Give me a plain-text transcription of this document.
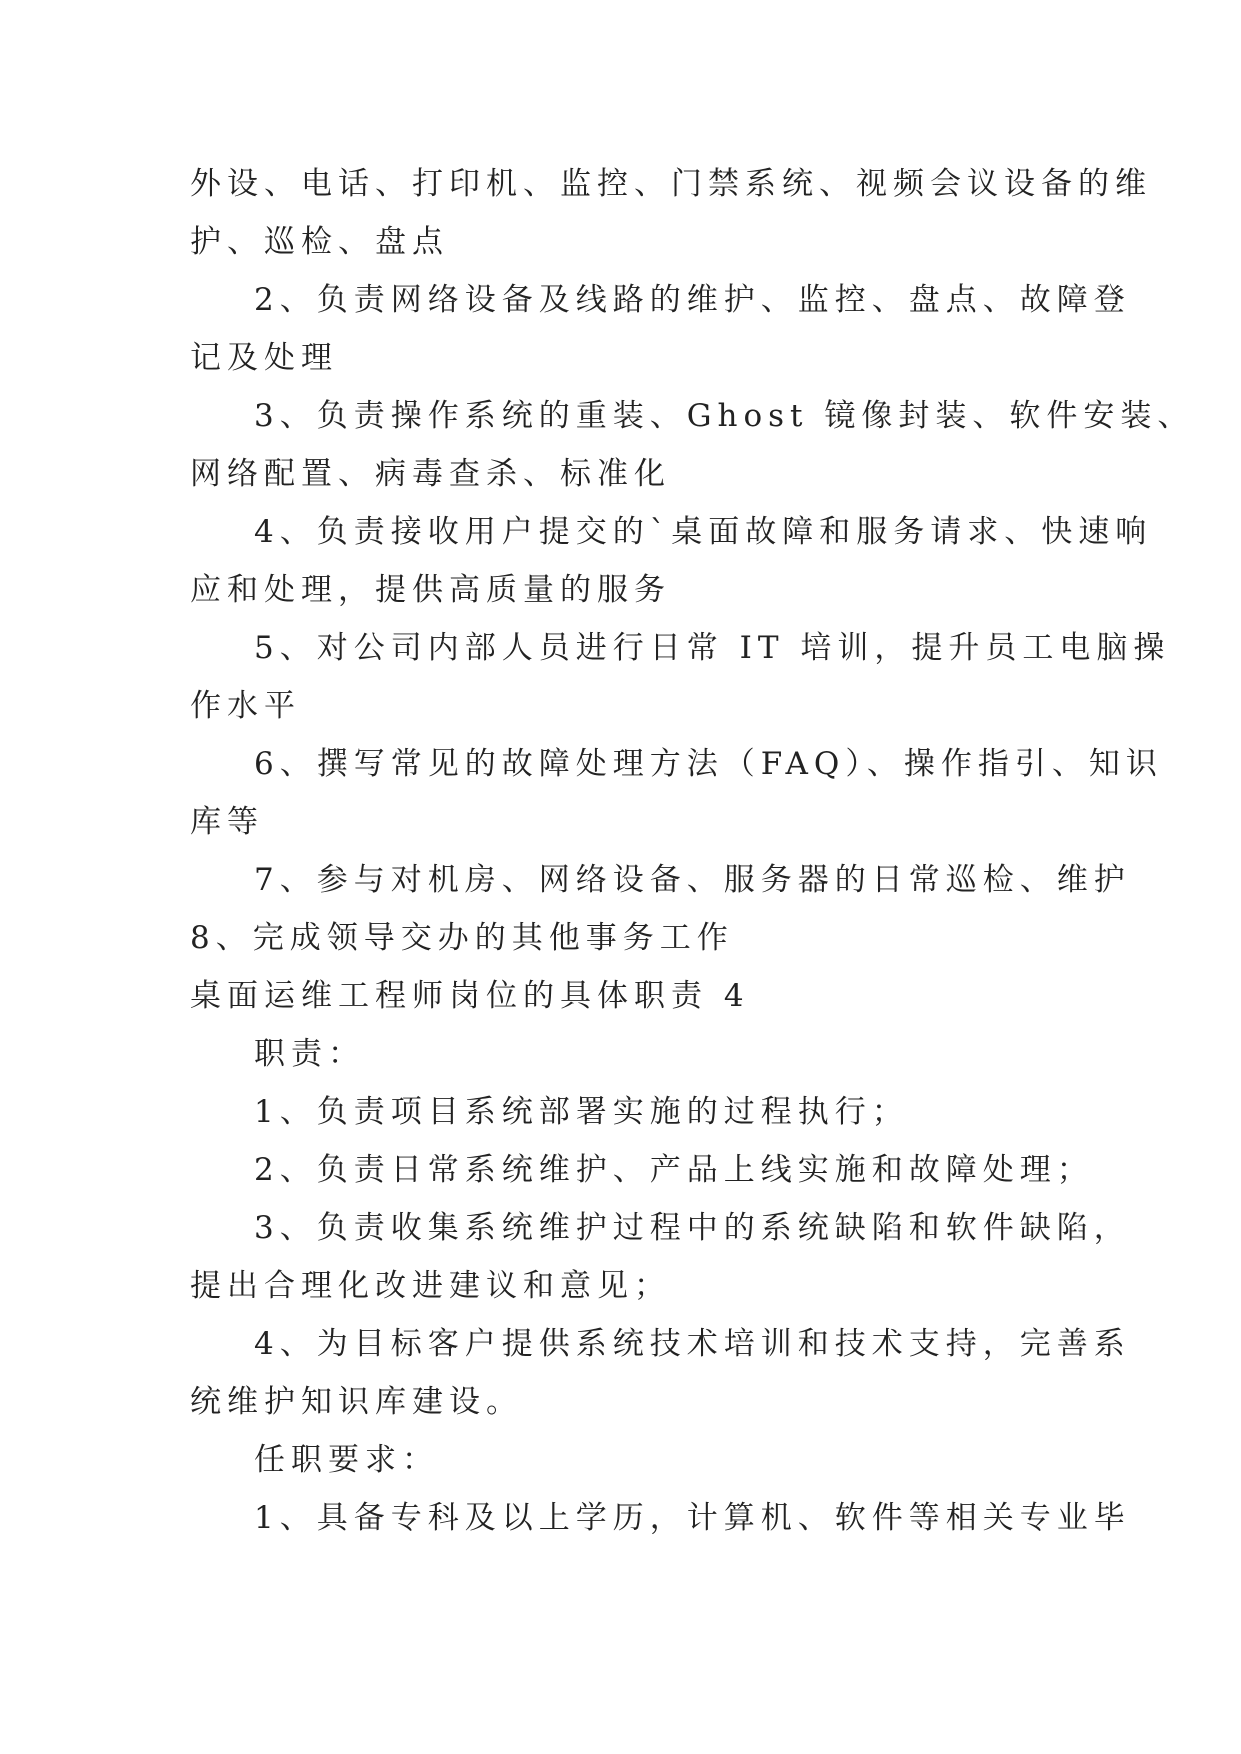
外设、电话、打印机、监控、门禁系统、视频会议设备的维
护、巡检、盘点
2、负责网络设备及线路的维护、监控、盘点、故障登
记及处理
3、负责操作系统的重装、Ghost 镜像封装、软件安装、
网络配置、病毒查杀、标准化
4、负责接收用户提交的`桌面故障和服务请求、快速响
应和处理，提供高质量的服务
5、对公司内部人员进行日常 IT 培训，提升员工电脑操
作水平
6、撰写常见的故障处理方法（FAQ）、操作指引、知识
库等
7、参与对机房、网络设备、服务器的日常巡检、维护
8、完成领导交办的其他事务工作
桌面运维工程师岗位的具体职责 4
职责：
1、负责项目系统部署实施的过程执行；
2、负责日常系统维护、产品上线实施和故障处理；
3、负责收集系统维护过程中的系统缺陷和软件缺陷，
提出合理化改进建议和意见；
4、为目标客户提供系统技术培训和技术支持，完善系
统维护知识库建设。
任职要求：
1、具备专科及以上学历，计算机、软件等相关专业毕
